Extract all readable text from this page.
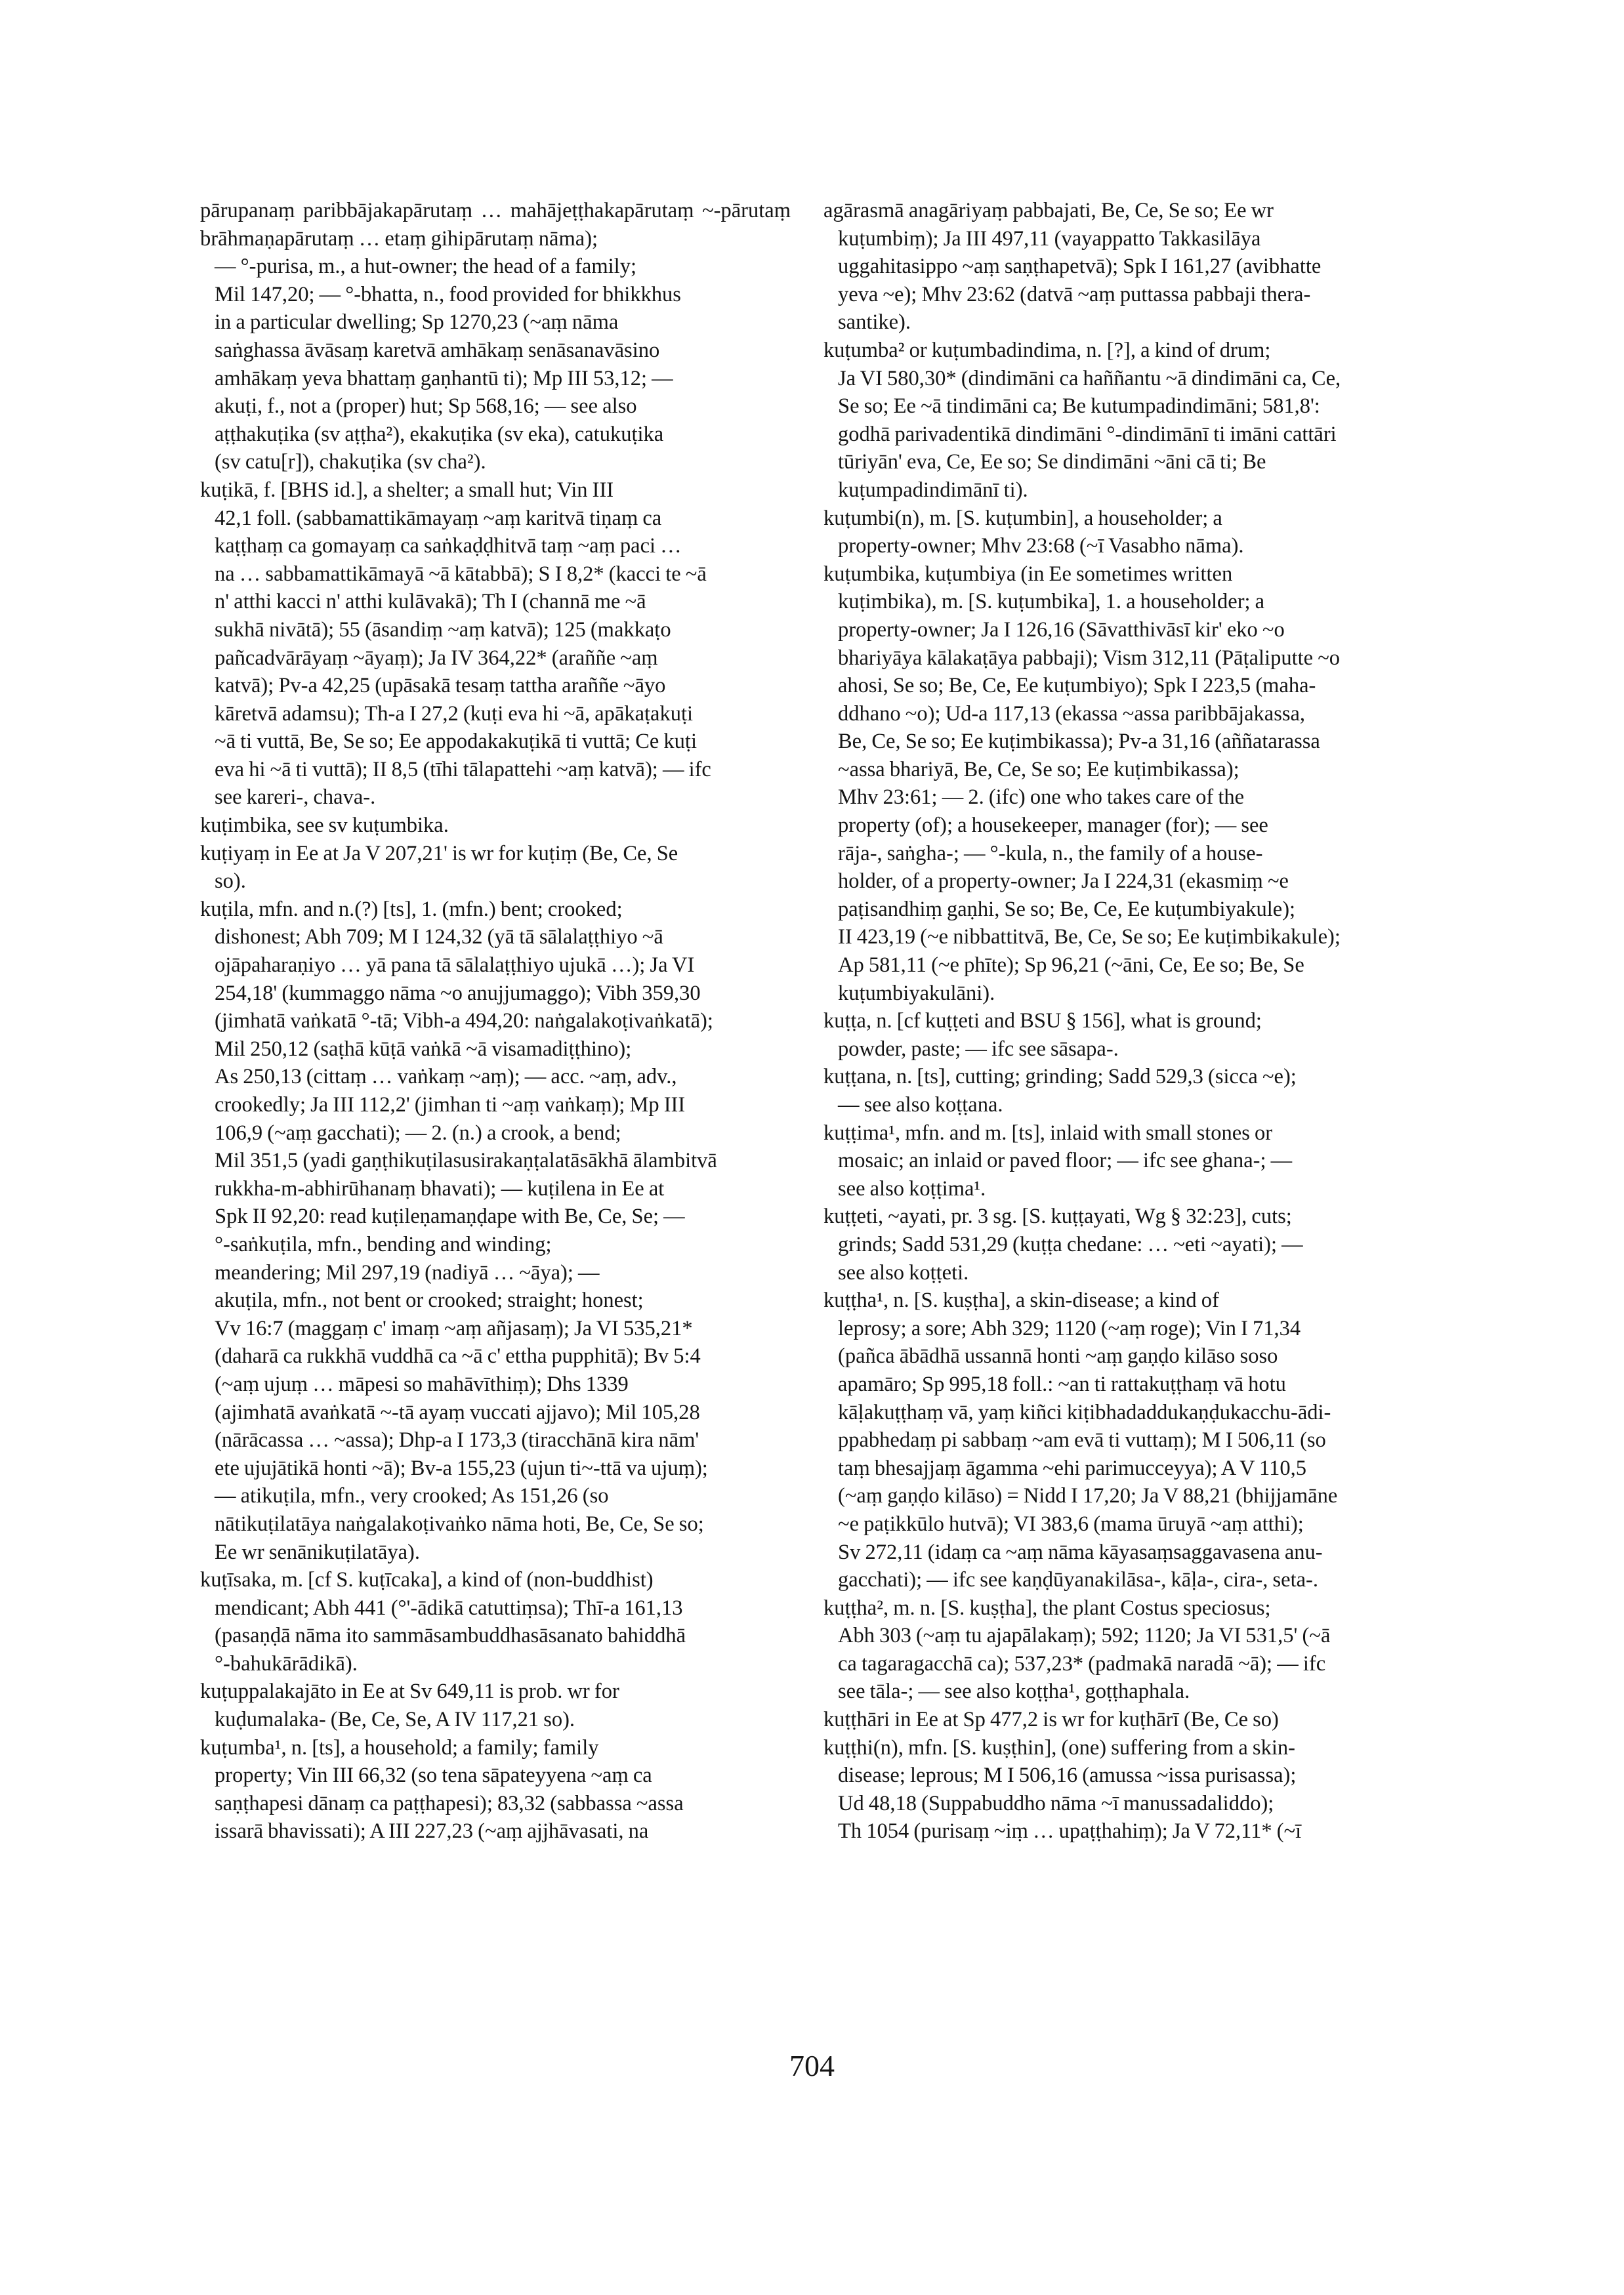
pārupanaṃ paribbājakapārutaṃ … mahājeṭṭhakapārutaṃ ~-pārutaṃ brāhmaṇapārutaṃ … etaṃ gihipārutaṃ nāma);
— °-purisa, m., a hut-owner; the head of a family;
Mil 147,20; — °-bhatta, n., food provided for bhikkhus
in a particular dwelling; Sp 1270,23 (~aṃ nāma
saṅghassa āvāsaṃ karetvā amhākaṃ senāsanavāsino
amhākaṃ yeva bhattaṃ gaṇhantū ti); Mp III 53,12; —
akuṭi, f., not a (proper) hut; Sp 568,16; — see also
aṭṭhakuṭika (sv aṭṭha²), ekakuṭika (sv eka), catukuṭika
(sv catu[r]), chakuṭika (sv cha²).
kuṭikā, f. [BHS id.], a shelter; a small hut; Vin III
42,1 foll. (sabbamattikāmayaṃ ~aṃ karitvā tiṇaṃ ca
kaṭṭhaṃ ca gomayaṃ ca saṅkaḍḍhitvā taṃ ~aṃ paci …
na … sabbamattikāmayā ~ā kātabbā); S I 8,2* (kacci te ~ā
n' atthi kacci n' atthi kulāvakā); Th I (channā me ~ā
sukhā nivātā); 55 (āsandiṃ ~aṃ katvā); 125 (makkaṭo
pañcadvārāyaṃ ~āyaṃ); Ja IV 364,22* (araññe ~aṃ
katvā); Pv-a 42,25 (upāsakā tesaṃ tattha araññe ~āyo
kāretvā adamsu); Th-a I 27,2 (kuṭi eva hi ~ā, apākaṭakuṭi
~ā ti vuttā, Be, Se so; Ee appodakakuṭikā ti vuttā; Ce kuṭi
eva hi ~ā ti vuttā); II 8,5 (tīhi tālapattehi ~aṃ katvā); — ifc
see kareri-, chava-.
kuṭimbika, see sv kuṭumbika.
kuṭiyaṃ in Ee at Ja V 207,21' is wr for kuṭiṃ (Be, Ce, Se
so).
kuṭila, mfn. and n.(?) [ts], 1. (mfn.) bent; crooked;
dishonest; Abh 709; M I 124,32 (yā tā sālalaṭṭhiyo ~ā
ojāpaharaṇiyo … yā pana tā sālalaṭṭhiyo ujukā …); Ja VI
254,18' (kummaggo nāma ~o anujjumaggo); Vibh 359,30
(jimhatā vaṅkatā °-tā; Vibh-a 494,20: naṅgalakoṭivaṅkatā);
Mil 250,12 (saṭhā kūṭā vaṅkā ~ā visamadiṭṭhino);
As 250,13 (cittaṃ … vaṅkaṃ ~aṃ); — acc. ~aṃ, adv.,
crookedly; Ja III 112,2' (jimhan ti ~aṃ vaṅkaṃ); Mp III
106,9 (~aṃ gacchati); — 2. (n.) a crook, a bend;
Mil 351,5 (yadi gaṇṭhikuṭilasusirakaṇṭalatāsākhā ālambitvā
rukkha-m-abhirūhanaṃ bhavati); — kuṭilena in Ee at
Spk II 92,20: read kuṭileṇamaṇḍape with Be, Ce, Se; —
°-saṅkuṭila, mfn., bending and winding;
meandering; Mil 297,19 (nadiyā … ~āya); —
akuṭila, mfn., not bent or crooked; straight; honest;
Vv 16:7 (maggaṃ c' imaṃ ~aṃ añjasaṃ); Ja VI 535,21*
(daharā ca rukkhā vuddhā ca ~ā c' ettha pupphitā); Bv 5:4
(~aṃ ujuṃ … māpesi so mahāvīthiṃ); Dhs 1339
(ajimhatā avaṅkatā ~-tā ayaṃ vuccati ajjavo); Mil 105,28
(nārācassa … ~assa); Dhp-a I 173,3 (tiracchānā kira nām'
ete ujujātikā honti ~ā); Bv-a 155,23 (ujun ti~-ttā va ujuṃ);
— atikuṭila, mfn., very crooked; As 151,26 (so
nātikuṭilatāya naṅgalakoṭivaṅko nāma hoti, Be, Ce, Se so;
Ee wr senānikuṭilatāya).
kuṭīsaka, m. [cf S. kuṭīcaka], a kind of (non-buddhist)
mendicant; Abh 441 (°'-ādikā catuttiṃsa); Thī-a 161,13
(pasaṇḍā nāma ito sammāsambuddhasāsanato bahiddhā
°-bahukārādikā).
kuṭuppalakajāto in Ee at Sv 649,11 is prob. wr for
kuḍumalaka- (Be, Ce, Se, A IV 117,21 so).
kuṭumba¹, n. [ts], a household; a family; family
property; Vin III 66,32 (so tena sāpateyyena ~aṃ ca
saṇṭhapesi dānaṃ ca paṭṭhapesi); 83,32 (sabbassa ~assa
issarā bhavissati); A III 227,23 (~aṃ ajjhāvasati, na
agārasmā anagāriyaṃ pabbajati, Be, Ce, Se so; Ee wr
kuṭumbiṃ); Ja III 497,11 (vayappatto Takkasilāya
uggahitasippo ~aṃ saṇṭhapetvā); Spk I 161,27 (avibhatte
yeva ~e); Mhv 23:62 (datvā ~aṃ puttassa pabbaji thera-
santike).
kuṭumba² or kuṭumbadindima, n. [?], a kind of drum;
Ja VI 580,30* (dindimāni ca haññantu ~ā dindimāni ca, Ce,
Se so; Ee ~ā tindimāni ca; Be kutumpadindimāni; 581,8':
godhā parivadentikā dindimāni °-dindimānī ti imāni cattāri
tūriyān' eva, Ce, Ee so; Se dindimāni ~āni cā ti; Be
kuṭumpadindimānī ti).
kuṭumbi(n), m. [S. kuṭumbin], a householder; a
property-owner; Mhv 23:68 (~ī Vasabho nāma).
kuṭumbika, kuṭumbiya (in Ee sometimes written
kuṭimbika), m. [S. kuṭumbika], 1. a householder; a
property-owner; Ja I 126,16 (Sāvatthivāsī kir' eko ~o
bhariyāya kālakaṭāya pabbaji); Vism 312,11 (Pāṭaliputte ~o
ahosi, Se so; Be, Ce, Ee kuṭumbiyo); Spk I 223,5 (maha-
ddhano ~o); Ud-a 117,13 (ekassa ~assa paribbājakassa,
Be, Ce, Se so; Ee kuṭimbikassa); Pv-a 31,16 (aññatarassa
~assa bhariyā, Be, Ce, Se so; Ee kuṭimbikassa);
Mhv 23:61; — 2. (ifc) one who takes care of the
property (of); a housekeeper, manager (for); — see
rāja-, saṅgha-; — °-kula, n., the family of a house-
holder, of a property-owner; Ja I 224,31 (ekasmiṃ ~e
paṭisandhiṃ gaṇhi, Se so; Be, Ce, Ee kuṭumbiyakule);
II 423,19 (~e nibbattitvā, Be, Ce, Se so; Ee kuṭimbikakule);
Ap 581,11 (~e phīte); Sp 96,21 (~āni, Ce, Ee so; Be, Se
kuṭumbiyakulāni).
kuṭṭa, n. [cf kuṭṭeti and BSU § 156], what is ground;
powder, paste; — ifc see sāsapa-.
kuṭṭana, n. [ts], cutting; grinding; Sadd 529,3 (sicca ~e);
— see also koṭṭana.
kuṭṭima¹, mfn. and m. [ts], inlaid with small stones or
mosaic; an inlaid or paved floor; — ifc see ghana-; —
see also koṭṭima¹.
kuṭṭeti, ~ayati, pr. 3 sg. [S. kuṭṭayati, Wg § 32:23], cuts;
grinds; Sadd 531,29 (kuṭṭa chedane: … ~eti ~ayati); —
see also koṭṭeti.
kuṭṭha¹, n. [S. kuṣṭha], a skin-disease; a kind of
leprosy; a sore; Abh 329; 1120 (~aṃ roge); Vin I 71,34
(pañca ābādhā ussannā honti ~aṃ gaṇḍo kilāso soso
apamāro; Sp 995,18 foll.: ~an ti rattakuṭṭhaṃ vā hotu
kāḷakuṭṭhaṃ vā, yaṃ kiñci kiṭibhadaddukaṇḍukacchu-ādi-
ppabhedaṃ pi sabbaṃ ~am evā ti vuttaṃ); M I 506,11 (so
taṃ bhesajjaṃ āgamma ~ehi parimucceyya); A V 110,5
(~aṃ gaṇḍo kilāso) = Nidd I 17,20; Ja V 88,21 (bhijjamāne
~e paṭikkūlo hutvā); VI 383,6 (mama ūruyā ~aṃ atthi);
Sv 272,11 (idaṃ ca ~aṃ nāma kāyasaṃsaggavasena anu-
gacchati); — ifc see kaṇḍūyanakilāsa-, kāḷa-, cira-, seta-.
kuṭṭha², m. n. [S. kuṣṭha], the plant Costus speciosus;
Abh 303 (~aṃ tu ajapālakaṃ); 592; 1120; Ja VI 531,5' (~ā
ca tagaragacchā ca); 537,23* (padmakā naradā ~ā); — ifc
see tāla-; — see also koṭṭha¹, goṭṭhaphala.
kuṭṭhāri in Ee at Sp 477,2 is wr for kuṭhārī (Be, Ce so)
kuṭṭhi(n), mfn. [S. kuṣṭhin], (one) suffering from a skin-
disease; leprous; M I 506,16 (amussa ~issa purisassa);
Ud 48,18 (Suppabuddho nāma ~ī manussadaliddo);
Th 1054 (purisaṃ ~iṃ … upaṭṭhahiṃ); Ja V 72,11* (~ī
704
